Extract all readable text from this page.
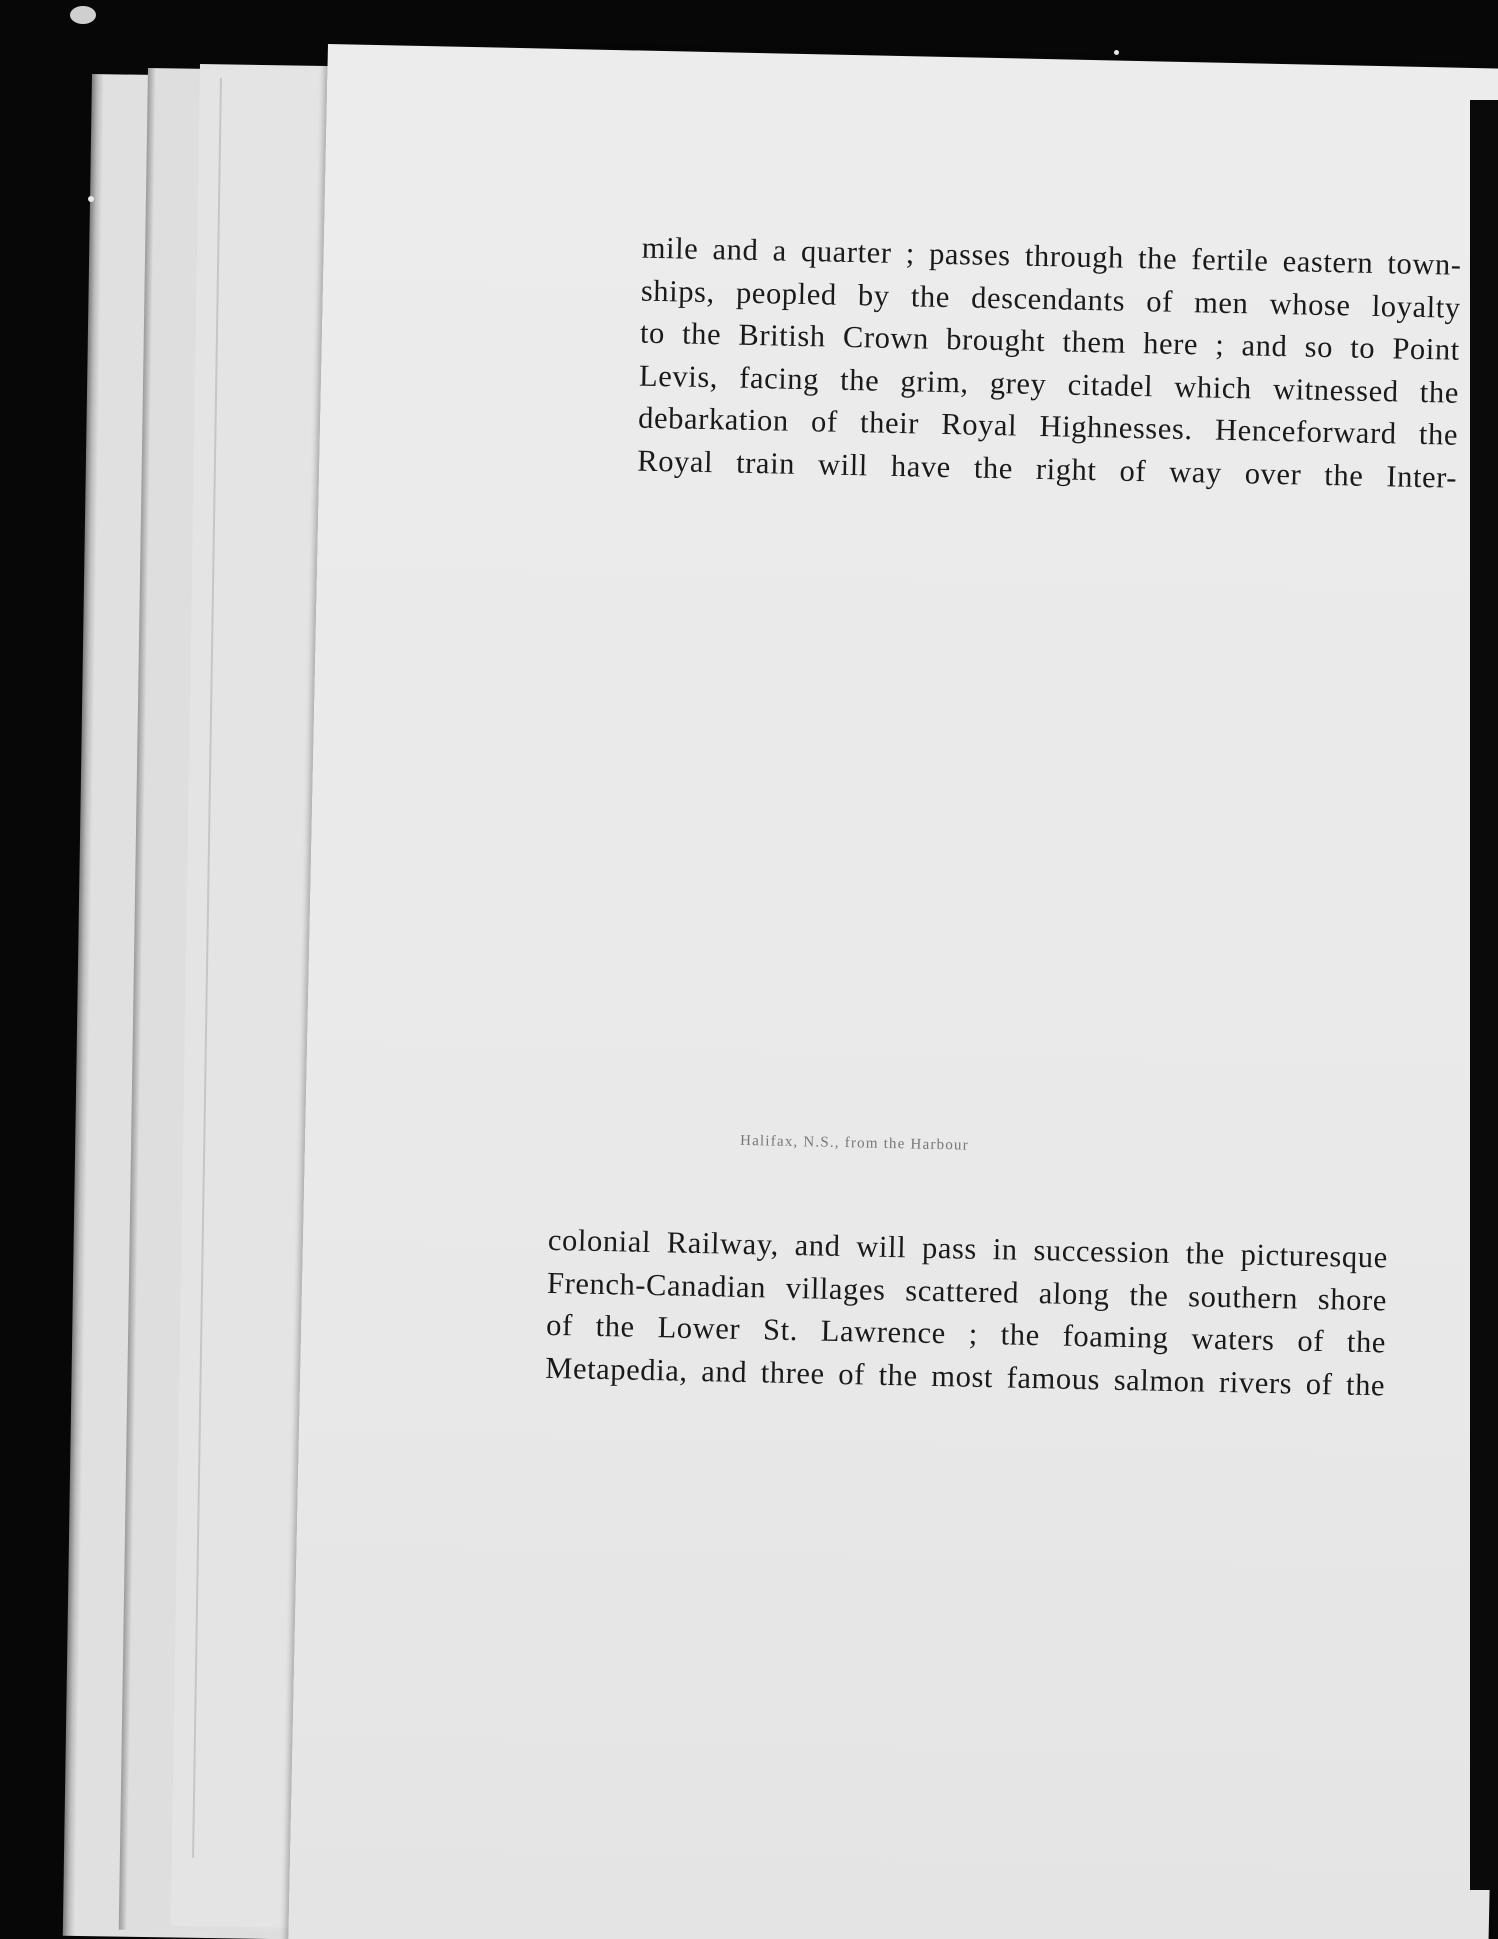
mile and a quarter ; passes through the fertile eastern town-
ships, peopled by the descendants of men whose loyalty
to the British Crown brought them here ; and so to Point
Levis, facing the grim, grey citadel which witnessed the
debarkation of their Royal Highnesses. Henceforward the
Royal train will have the right of way over the Inter-
Halifax, N.S., from the Harbour
colonial Railway, and will pass in succession the picturesque
French-Canadian villages scattered along the southern shore
of the Lower St. Lawrence ; the foaming waters of the
Metapedia, and three of the most famous salmon rivers of the
